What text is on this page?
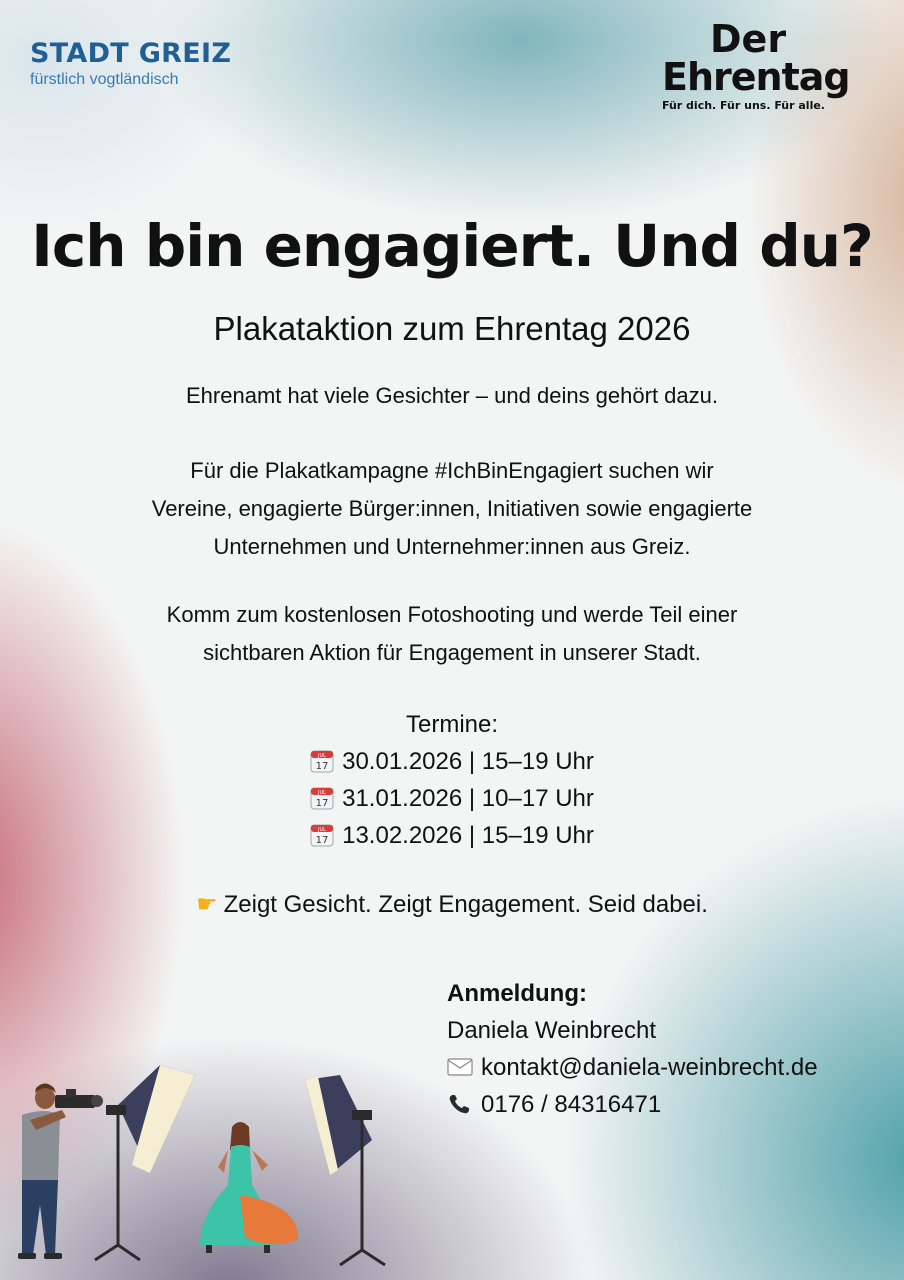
STADT GREIZ
fürstlich vogtländisch
Der
Ehrentag
Für dich. Für uns. Für alle.
Ich bin engagiert. Und du?
Plakataktion zum Ehrentag 2026
Ehrenamt hat viele Gesichter – und deins gehört dazu.
Für die Plakatkampagne #IchBinEngagiert suchen wir
Vereine, engagierte Bürger:innen, Initiativen sowie engagierte
Unternehmen und Unternehmer:innen aus Greiz.
Komm zum kostenlosen Fotoshooting und werde Teil einer
sichtbaren Aktion für Engagement in unserer Stadt.
Termine:
JUL
17 30.01.2026 | 15–19 Uhr
JUL
17 31.01.2026 | 10–17 Uhr
JUL
17 13.02.2026 | 15–19 Uhr
☛ Zeigt Gesicht. Zeigt Engagement. Seid dabei.
Anmeldung:
Daniela Weinbrecht
kontakt@daniela-weinbrecht.de
0176 / 84316471
